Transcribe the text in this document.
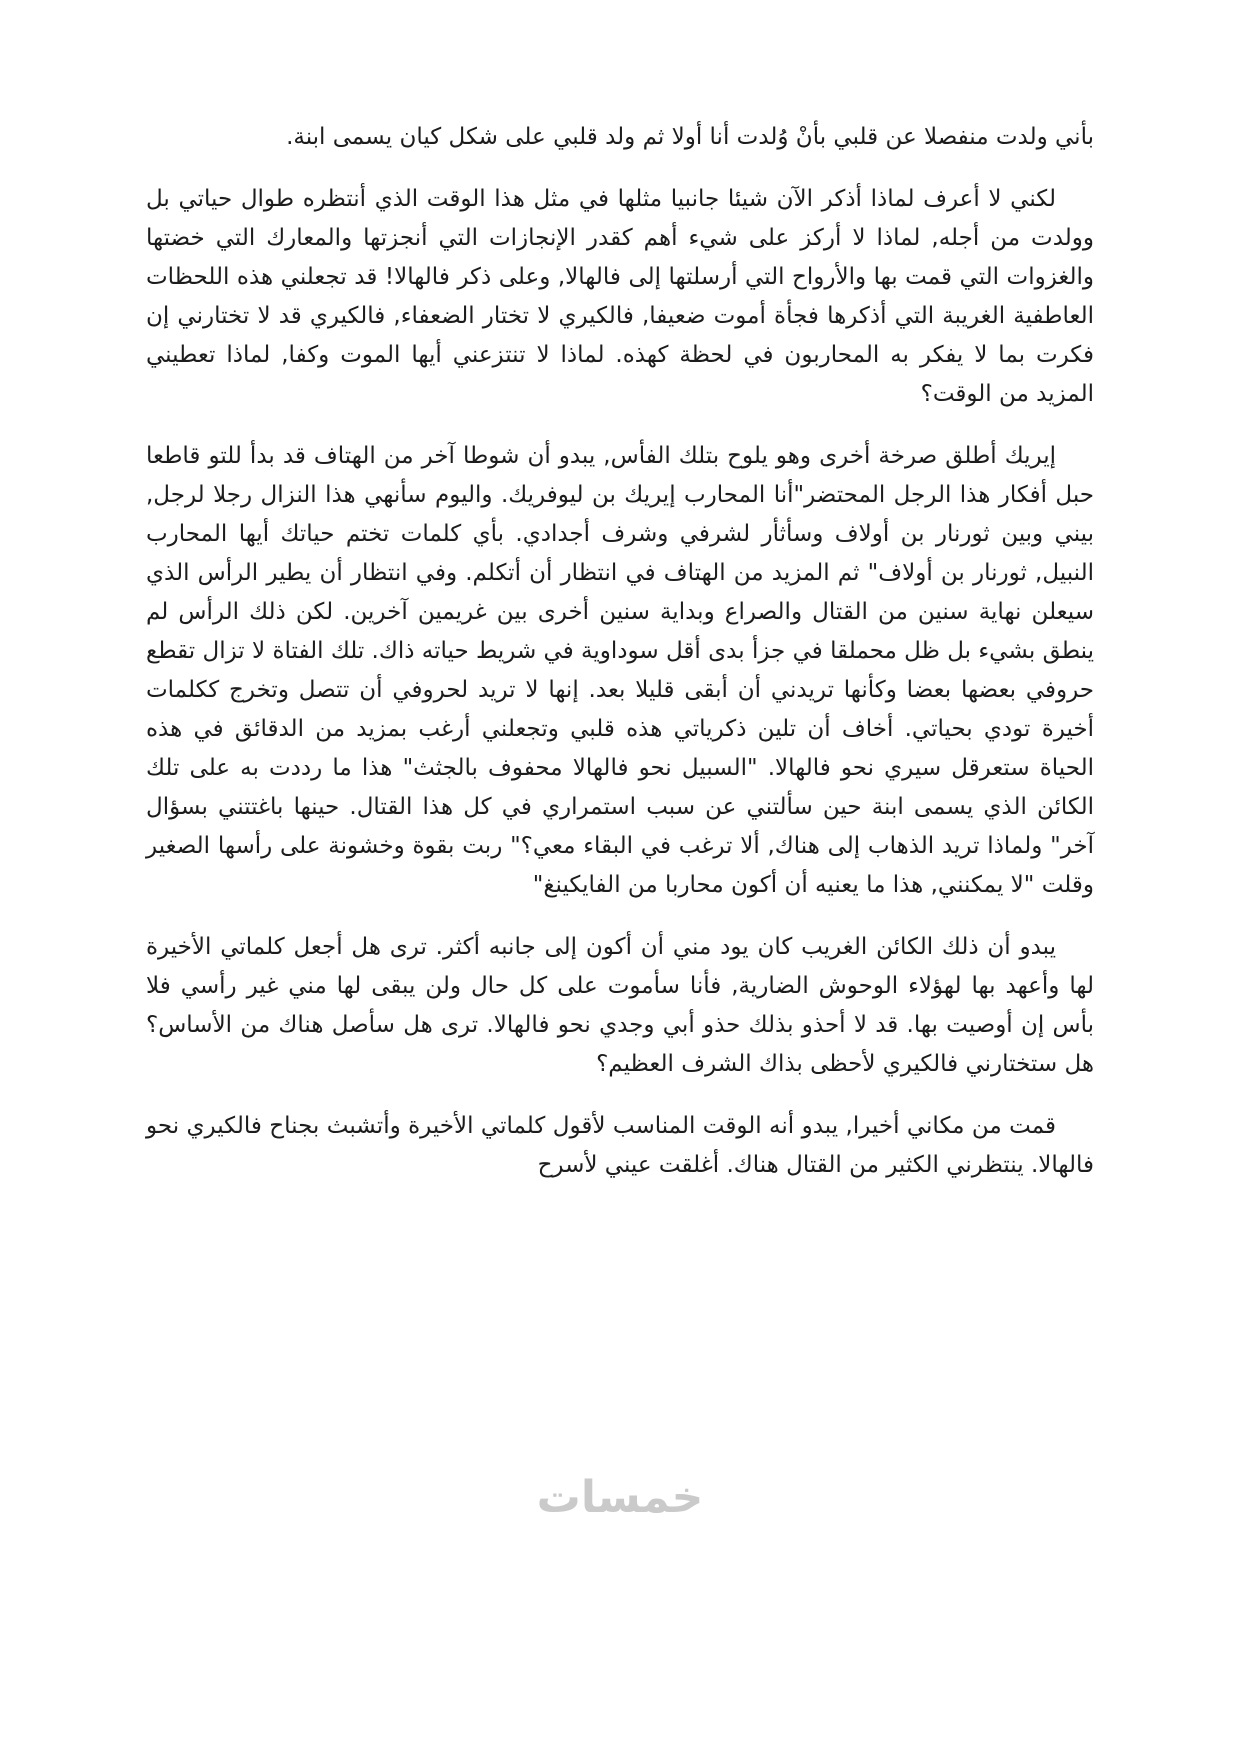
بأني ولدت منفصلا عن قلبي بأنْ وُلدت أنا أولا ثم ولد قلبي على شكل كيان يسمى ابنة.

لكني لا أعرف لماذا أذكر الآن شيئا جانبيا مثلها في مثل هذا الوقت الذي أنتظره طوال حياتي بل وولدت من أجله, لماذا لا أركز على شيء أهم كقدر الإنجازات التي أنجزتها والمعارك التي خضتها والغزوات التي قمت بها والأرواح التي أرسلتها إلى فالهالا, وعلى ذكر فالهالا! قد تجعلني هذه اللحظات العاطفية الغريبة التي أذكرها فجأة أموت ضعيفا, فالكيري لا تختار الضعفاء, فالكيري قد لا تختارني إن فكرت بما لا يفكر به المحاربون في لحظة كهذه. لماذا لا تنتزعني أيها الموت وكفا, لماذا تعطيني المزيد من الوقت؟

إيريك أطلق صرخة أخرى وهو يلوح بتلك الفأس, يبدو أن شوطا آخر من الهتاف قد بدأ للتو قاطعا حبل أفكار هذا الرجل المحتضر"أنا المحارب إيريك بن ليوفريك. واليوم سأنهي هذا النزال رجلا لرجل, بيني وبين ثورنار بن أولاف وسأثأر لشرفي وشرف أجدادي. بأي كلمات تختم حياتك أيها المحارب النبيل, ثورنار بن أولاف" ثم المزيد من الهتاف في انتظار أن أتكلم. وفي انتظار أن يطير الرأس الذي سيعلن نهاية سنين من القتال والصراع وبداية سنين أخرى بين غريمين آخرين. لكن ذلك الرأس لم ينطق بشيء بل ظل محملقا في جزأ بدى أقل سوداوية في شريط حياته ذاك. تلك الفتاة لا تزال تقطع حروفي بعضها بعضا وكأنها تريدني أن أبقى قليلا بعد. إنها لا تريد لحروفي أن تتصل وتخرج ككلمات أخيرة تودي بحياتي. أخاف أن تلين ذكرياتي هذه قلبي وتجعلني أرغب بمزيد من الدقائق في هذه الحياة ستعرقل سيري نحو فالهالا. "السبيل نحو فالهالا محفوف بالجثث" هذا ما رددت به على تلك الكائن الذي يسمى ابنة حين سألتني عن سبب استمراري في كل هذا القتال. حينها باغتتني بسؤال آخر" ولماذا تريد الذهاب إلى هناك, ألا ترغب في البقاء معي؟" ربت بقوة وخشونة على رأسها الصغير وقلت "لا يمكنني, هذا ما يعنيه أن أكون محاربا من الفايكينغ"

يبدو أن ذلك الكائن الغريب كان يود مني أن أكون إلى جانبه أكثر. ترى هل أجعل كلماتي الأخيرة لها وأعهد بها لهؤلاء الوحوش الضارية, فأنا سأموت على كل حال ولن يبقى لها مني غير رأسي فلا بأس إن أوصيت بها. قد لا أحذو بذلك حذو أبي وجدي نحو فالهالا. ترى هل سأصل هناك من الأساس؟ هل ستختارني فالكيري لأحظى بذاك الشرف العظيم؟

قمت من مكاني أخيرا, يبدو أنه الوقت المناسب لأقول كلماتي الأخيرة وأتشبث بجناح فالكيري نحو فالهالا. ينتظرني الكثير من القتال هناك. أغلقت عيني لأسرح

خمسات
